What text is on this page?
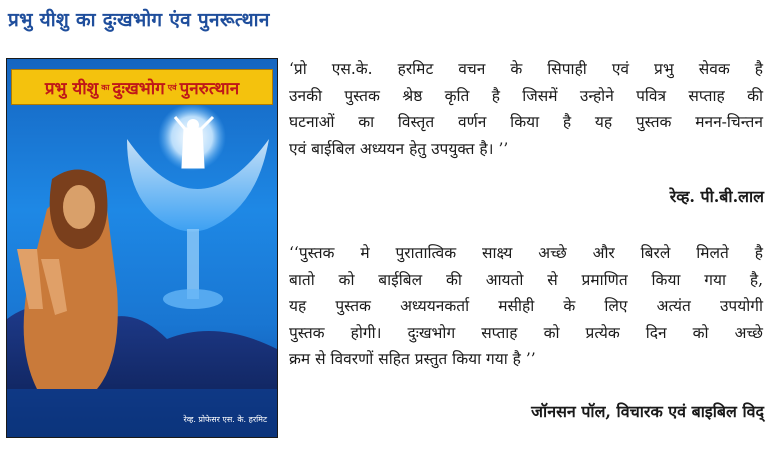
प्रभु यीशु का दुःखभोग एंव पुनरूत्थान
प्रभु यीशु का दुःखभोग एवं पुनरुत्थान
रेव्ह. प्रोफेसर एस. के. हरमिट
‘प्रो एस.के. हरमिट वचन के सिपाही एवं प्रभु सेवक है
उनकी पुस्तक श्रेष्ठ कृति है जिसमें उन्होने पवित्र सप्ताह की
घटनाओं का विस्तृत वर्णन किया है यह पुस्तक मनन-चिन्तन
एवं बाईबिल अध्ययन हेतु उपयुक्त है। ’’
रेव्ह. पी.बी.लाल
‘‘पुस्तक मे पुरातात्विक साक्ष्य अच्छे और बिरले मिलते है
बातो को बाईबिल की आयतो से प्रमाणित किया गया है,
यह पुस्तक अध्ययनकर्ता मसीही के लिए अत्यंत उपयोगी
पुस्तक होगी। दुःखभोग सप्ताह को प्रत्येक दिन को अच्छे
क्रम से विवरणों सहित प्रस्तुत किया गया है ’’
जॉनसन पॉल, विचारक एवं बाइबिल विद्
